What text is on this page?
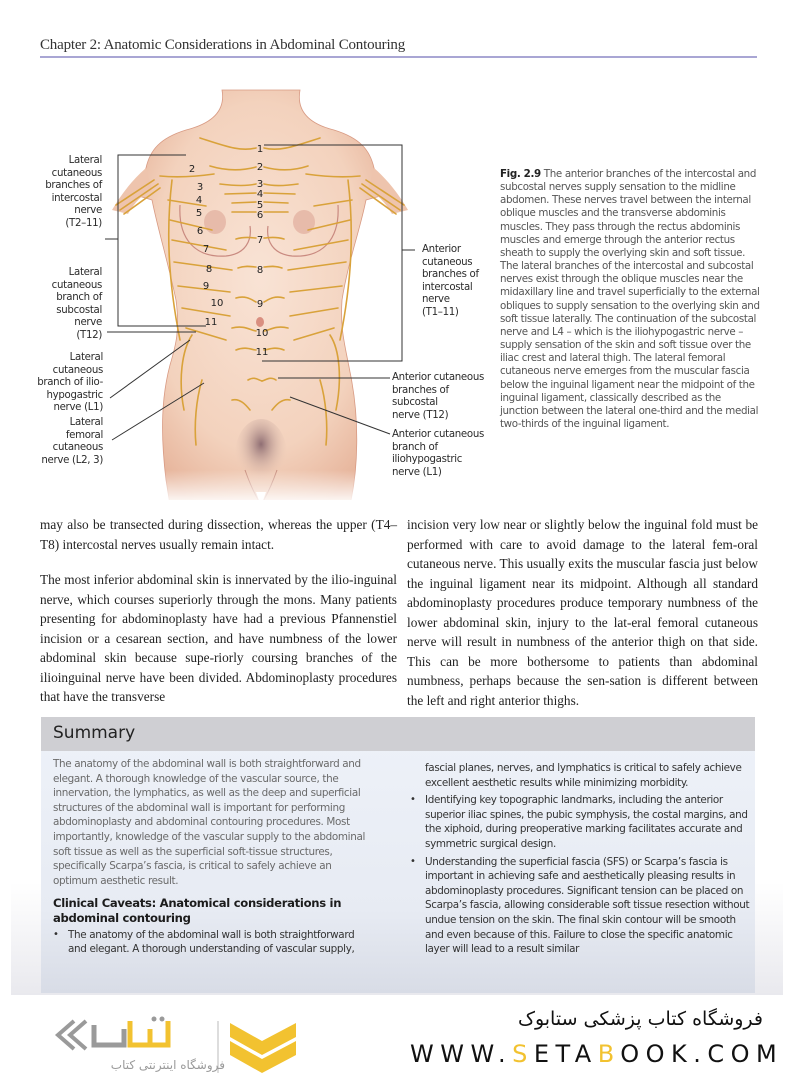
Chapter 2: Anatomic Considerations in Abdominal Contouring
1
2
3
4
5
6
7
8
9
10
11
2
3
4
5
6
7
8
9
10
11
Lateral
cutaneous
branches of
intercostal
nerve
(T2–11)
Lateral
cutaneous
branch of
subcostal
nerve
(T12)
Lateral cutaneous
branch of ilio-
hypogastric
nerve (L1)
Lateral femoral
cutaneous
nerve (L2, 3)
Anterior
cutaneous
branches of
intercostal
nerve
(T1–11)
Anterior cutaneous
branches of
subcostal
nerve (T12)
Anterior cutaneous
branch of
iliohypogastric
nerve (L1)
Fig. 2.9 The anterior branches of the intercostal and subcostal nerves supply sensation to the midline abdomen. These nerves travel between the internal oblique muscles and the transverse abdominis muscles. They pass through the rectus abdominis muscles and emerge through the anterior rectus sheath to supply the overlying skin and soft tissue. The lateral branches of the intercostal and subcostal nerves exist through the oblique muscles near the midaxillary line and travel superficially to the external obliques to supply sensation to the overlying skin and soft tissue laterally. The continuation of the subcostal nerve and L4 – which is the iliohypogastric nerve – supply sensation of the skin and soft tissue over the iliac crest and lateral thigh. The lateral femoral cutaneous nerve emerges from the muscular fascia below the inguinal ligament near the midpoint of the inguinal ligament, classically described as the junction between the lateral one-third and the medial two-thirds of the inguinal ligament.

may also be transected during dissection, whereas the upper (T4–T8) intercostal nerves usually remain intact.

The most inferior abdominal skin is innervated by the ilio-inguinal nerve, which courses superiorly through the mons. Many patients presenting for abdominoplasty have had a previous Pfannenstiel incision or a cesarean section, and have numbness of the lower abdominal skin because supe-riorly coursing branches of the ilioinguinal nerve have been divided. Abdominoplasty procedures that have the transverse

incision very low near or slightly below the inguinal fold must be performed with care to avoid damage to the lateral fem-oral cutaneous nerve. This usually exits the muscular fascia just below the inguinal ligament near its midpoint. Although all standard abdominoplasty procedures produce temporary numbness of the lower abdominal skin, injury to the lat-eral femoral cutaneous nerve will result in numbness of the anterior thigh on that side. This can be more bothersome to patients than abdominal numbness, perhaps because the sen-sation is different between the left and right anterior thighs.

Summary

The anatomy of the abdominal wall is both straightforward and elegant. A thorough knowledge of the vascular source, the innervation, the lymphatics, as well as the deep and superficial structures of the abdominal wall is important for performing abdominoplasty and abdominal contouring procedures. Most importantly, knowledge of the vascular supply to the abdominal soft tissue as well as the superficial soft-tissue structures, specifically Scarpa’s fascia, is critical to safely achieve an optimum aesthetic result.

Clinical Caveats: Anatomical considerations in abdominal contouring
• The anatomy of the abdominal wall is both straightforward and elegant. A thorough understanding of vascular supply,
fascial planes, nerves, and lymphatics is critical to safely achieve excellent aesthetic results while minimizing morbidity.
• Identifying key topographic landmarks, including the anterior superior iliac spines, the pubic symphysis, the costal margins, and the xiphoid, during preoperative marking facilitates accurate and symmetric surgical design.
• Understanding the superficial fascia (SFS) or Scarpa’s fascia is important in achieving safe and aesthetically pleasing results in abdominoplasty procedures. Significant tension can be placed on Scarpa’s fascia, allowing considerable soft tissue resection without undue tension on the skin. The final skin contour will be smooth and even because of this. Failure to close the specific anatomic layer will lead to a result similar
فروشگاه اینترنتی کتاب
فروشگاه کتاب پزشکی ستابوک
WWW.SETABOOK.COM
